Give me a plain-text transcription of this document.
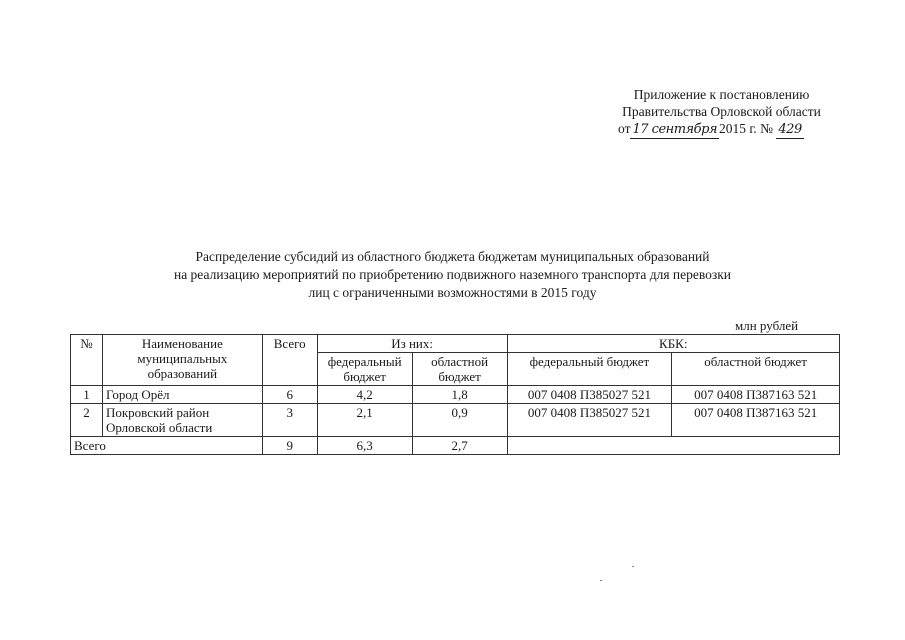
Приложение к постановлению
Правительства Орловской области
от 17 сентября 2015 г. № 429
Распределение субсидий из областного бюджета бюджетам муниципальных образований
на реализацию мероприятий по приобретению подвижного наземного транспорта для перевозки
лиц с ограниченными возможностями в 2015 году
млн рублей
№	Наименование муниципальных образований	Всего	Из них:		КБК:	
			федеральный бюджет	областной бюджет	федеральный бюджет	областной бюджет
1	Город Орёл	6	4,2	1,8	007 0408 П385027 521	007 0408 П387163 521
2	Покровский район Орловской области	3	2,1	0,9	007 0408 П385027 521	007 0408 П387163 521
Всего		9	6,3	2,7		
